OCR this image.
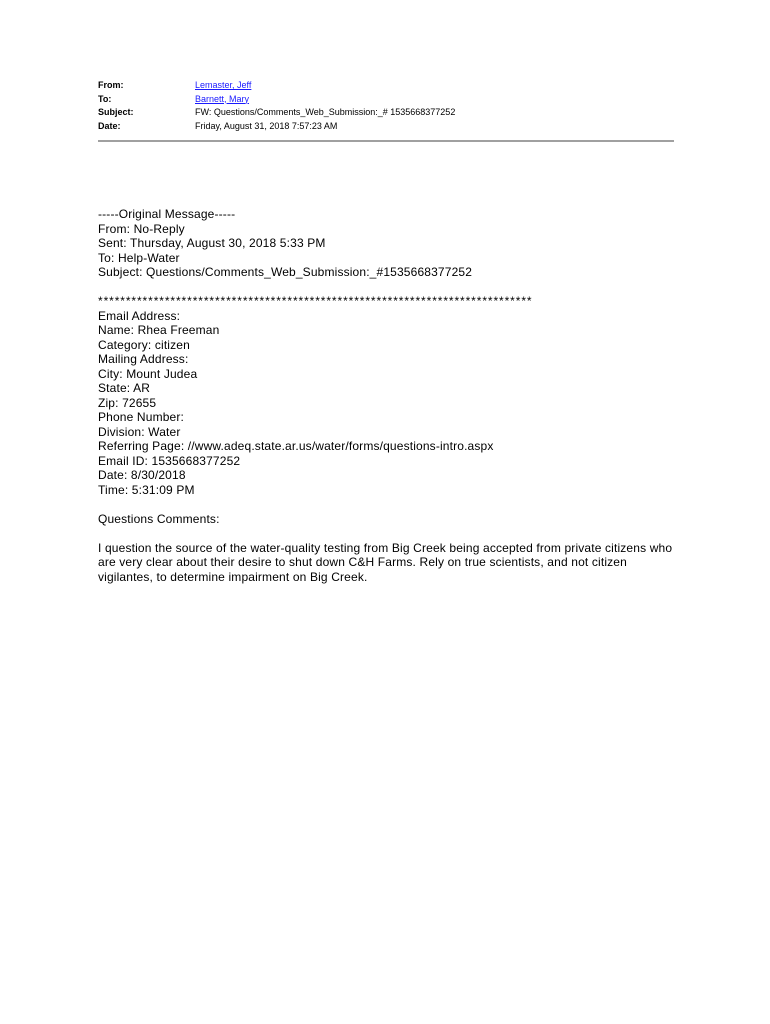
From:	Lemaster, Jeff
To:	Barnett, Mary
Subject:	FW: Questions/Comments_Web_Submission:_# 1535668377252
Date:	Friday, August 31, 2018 7:57:23 AM
-----Original Message-----
From: No-Reply
Sent: Thursday, August 30, 2018 5:33 PM
To: Help-Water
Subject: Questions/Comments_Web_Submission:_#1535668377252
******************************************************************************
Email Address:
Name: Rhea Freeman
Category: citizen
Mailing Address:
City: Mount Judea
State: AR
Zip: 72655
Phone Number:
Division: Water
Referring Page: //www.adeq.state.ar.us/water/forms/questions-intro.aspx
Email ID: 1535668377252
Date: 8/30/2018
Time: 5:31:09 PM
Questions Comments:
I question the source of the water-quality testing from Big Creek being accepted from private citizens who are very clear about their desire to shut down C&H Farms. Rely on true scientists, and not citizen vigilantes, to determine impairment on Big Creek.
